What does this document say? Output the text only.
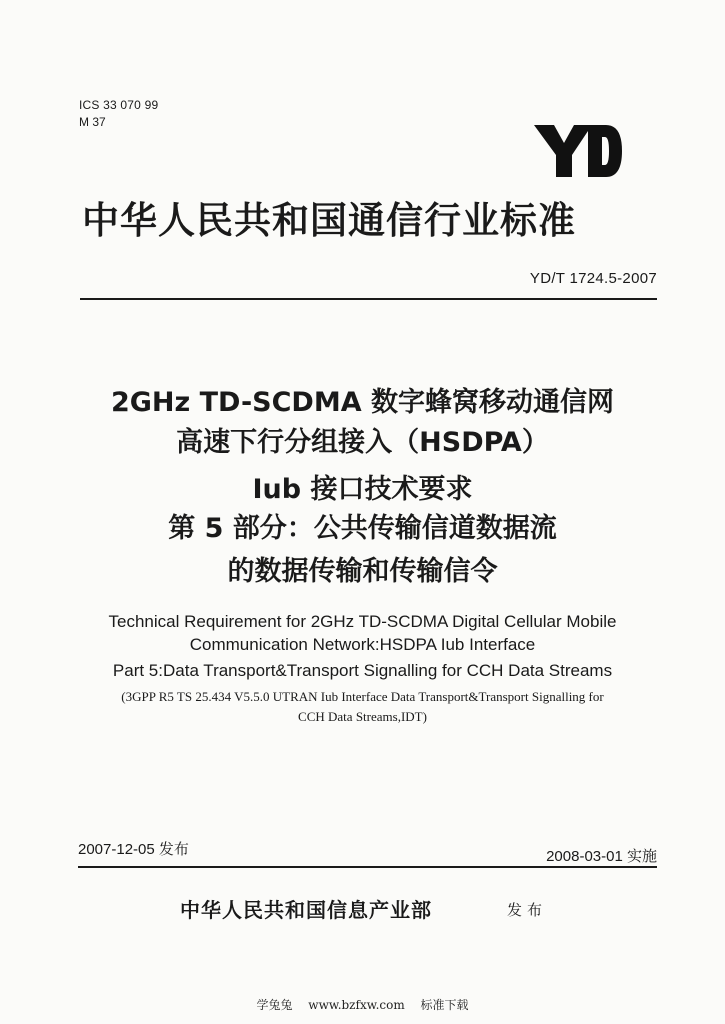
ICS 33 070 99
M 37
中华人民共和国通信行业标准
YD/T 1724.5-2007
2GHz TD-SCDMA 数字蜂窝移动通信网
高速下行分组接入（HSDPA）
Iub 接口技术要求
第 5 部分：公共传输信道数据流
的数据传输和传输信令
Technical Requirement for 2GHz TD-SCDMA Digital Cellular Mobile
Communication Network:HSDPA Iub Interface
Part 5:Data Transport&Transport Signalling for CCH Data Streams
(3GPP R5 TS 25.434 V5.5.0 UTRAN Iub Interface Data Transport&Transport Signalling for
CCH Data Streams,IDT)
2007-12-05 发布	2008-03-01 实施
中华人民共和国信息产业部	发布
学兔兔 www.bzfxw.com 标准下载
